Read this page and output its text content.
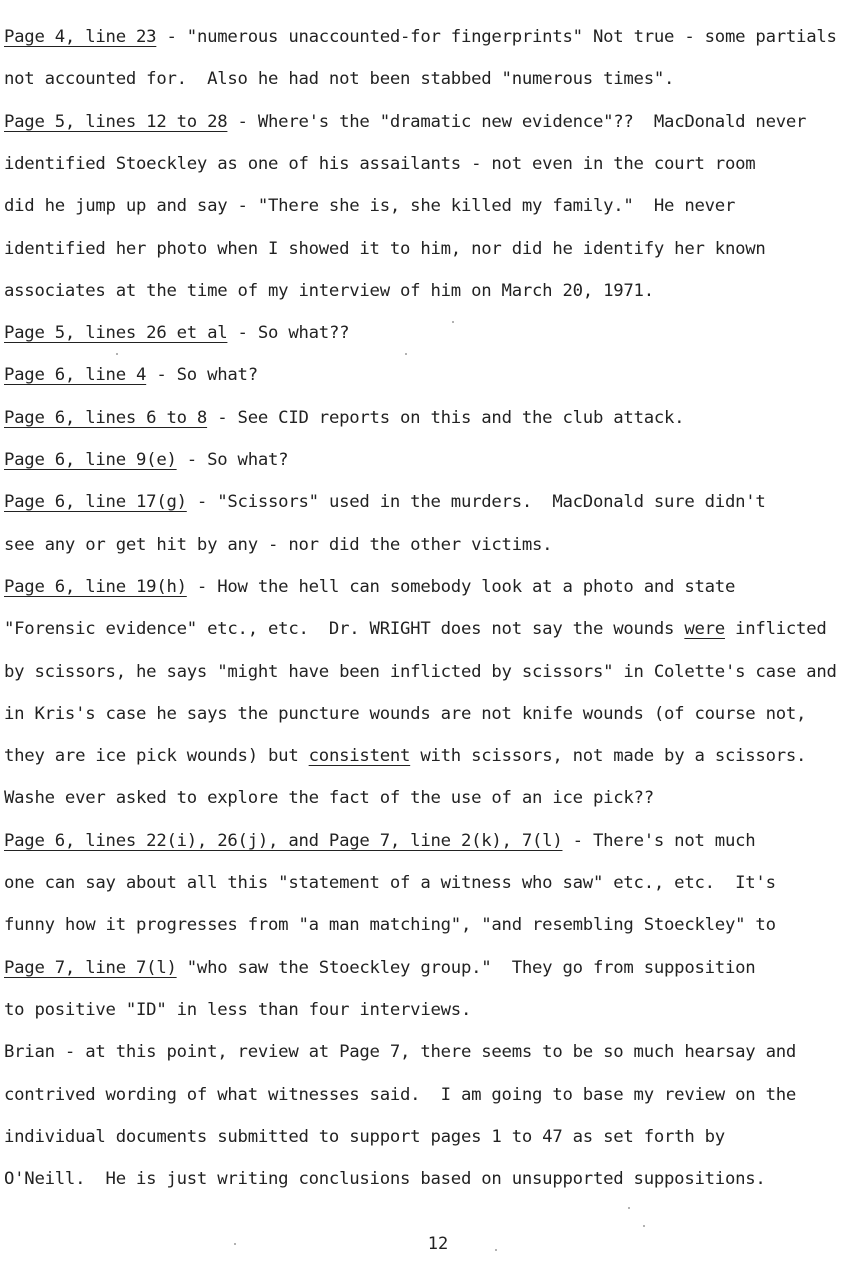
Page 4, line 23 - "numerous unaccounted-for fingerprints" Not true - some partials
not accounted for.  Also he had not been stabbed "numerous times".
Page 5, lines 12 to 28 - Where's the "dramatic new evidence"??  MacDonald never
identified Stoeckley as one of his assailants - not even in the court room
did he jump up and say - "There she is, she killed my family."  He never
identified her photo when I showed it to him, nor did he identify her known
associates at the time of my interview of him on March 20, 1971.
Page 5, lines 26 et al - So what??
Page 6, line 4 - So what?
Page 6, lines 6 to 8 - See CID reports on this and the club attack.
Page 6, line 9(e) - So what?
Page 6, line 17(g) - "Scissors" used in the murders.  MacDonald sure didn't
see any or get hit by any - nor did the other victims.
Page 6, line 19(h) - How the hell can somebody look at a photo and state
"Forensic evidence" etc., etc.  Dr. WRIGHT does not say the wounds were inflicted
by scissors, he says "might have been inflicted by scissors" in Colette's case and
in Kris's case he says the puncture wounds are not knife wounds (of course not,
they are ice pick wounds) but consistent with scissors, not made by a scissors.
Washe ever asked to explore the fact of the use of an ice pick??
Page 6, lines 22(i), 26(j), and Page 7, line 2(k), 7(l) - There's not much
one can say about all this "statement of a witness who saw" etc., etc.  It's
funny how it progresses from "a man matching", "and resembling Stoeckley" to
Page 7, line 7(l) "who saw the Stoeckley group."  They go from supposition
to positive "ID" in less than four interviews.
Brian - at this point, review at Page 7, there seems to be so much hearsay and
contrived wording of what witnesses said.  I am going to base my review on the
individual documents submitted to support pages 1 to 47 as set forth by
O'Neill.  He is just writing conclusions based on unsupported suppositions.
12
